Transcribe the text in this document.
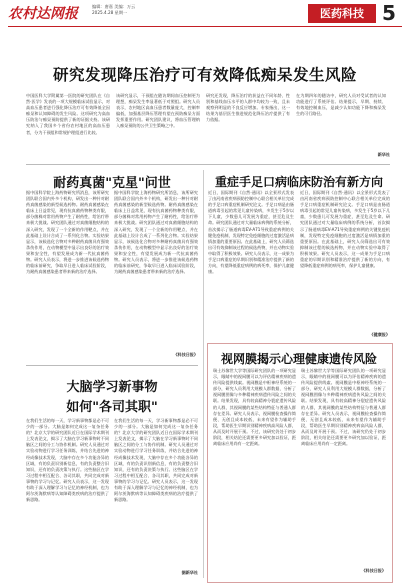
农村达网报	编辑：唐嘉 美编：万云
2025.4.28 星期一	医药科技 5
研究发现降压治疗可有效降低痴呆发生风险
中国医科大学附属第一医院的研究团队在《自然·医学》发表的一项大规模临床试验显示，对高血压患者进行强化降压治疗可有效降低全因痴呆和认知障碍的发生风险。这项研究为高血压防治与痴呆预防提供了新的证据支持。该研究纳入了我国多个省份农村地区的高血压患者，分为干预组和常规护理组进行比较。
该研究显示，干预组在随访期间血压控制更为理想，痴呆发生率显著低于对照组。研究人员表示，农村地区高血压患者数量庞大，控制率偏低，加强基层降压管理有望在预防痴呆方面发挥重要作用。研究团队建议，将血压管理纳入痴呆预防的公共卫生策略之中。
研究还发现，降压治疗的获益在不同年龄、性别和基线血压水平的人群中均较为一致，且未观察到明显的不良反应增加。专家指出，这一结果为基层医生推进规范化降压治疗提供了有力依据。
在为期四年的随访中，研究人员对受试者的认知功能进行了系统评估。结果提示，早期、持续、有效地控制血压，是减少认知功能下降和痴呆发生的可行路径。
新华社
耐药真菌"克星"问世
据中国科学院上海药物研究所消息，该所研究团队联合国内外多个机构，研发出一种针对耐药真菌感染的新型候选药物。耐药真菌感染在临床上日益常见，现有抗真菌药物种类有限，部分菌株对常用药物产生了耐药性，给治疗带来极大挑战。研究团队通过对真菌细胞结构的深入研究，发现了一个全新的作用靶点，并在此基础上设计合成了一系列化合物。实验结果显示，该候选化合物对多种耐药真菌具有强效杀伤作用，在动物模型中显示出良好的治疗效果和安全性，有望发展成为新一代抗真菌药物。研究人员表示，将进一步推进该候选药物的临床前研究，争取早日进入临床试验阶段，为耐药真菌感染患者带来新的治疗选择。
据中国科学院上海药物研究所消息，该所研究团队联合国内外多个机构，研发出一种针对耐药真菌感染的新型候选药物。耐药真菌感染在临床上日益常见，现有抗真菌药物种类有限，部分菌株对常用药物产生了耐药性，给治疗带来极大挑战。研究团队通过对真菌细胞结构的深入研究，发现了一个全新的作用靶点，并在此基础上设计合成了一系列化合物。实验结果显示，该候选化合物对多种耐药真菌具有强效杀伤作用，在动物模型中显示出良好的治疗效果和安全性，有望发展成为新一代抗真菌药物。研究人员表示，将进一步推进该候选药物的临床前研究，争取早日进入临床试验阶段，为耐药真菌感染患者带来新的治疗选择。
《科技日报》
大脑学习新事物
如何"各司其职"
在我们生活的每一天，学习新事物都是必不可少的一部分。大脑是如何完成这一复杂任务的？北京大学的研究团队近日在国际学术期刊上发表论文，揭示了大脑在学习新事物时不同脑区之间的分工与协作机制。研究人员通过对实验动物进行学习任务训练，并结合先进的神经成像技术发现，大脑中存在多个功能各异的区域，有的负责识别新信息，有的负责整合旧知识，还有的负责决策与执行。这些脑区在学习过程中相互配合、各司其职，共同完成对新事物的学习与记忆。研究人员表示，这一发现有助于深入理解学习与记忆的神经机制，也为阿尔茨海默病等认知障碍类疾病的治疗提供了新思路。
在我们生活的每一天，学习新事物都是必不可少的一部分。大脑是如何完成这一复杂任务的？北京大学的研究团队近日在国际学术期刊上发表论文，揭示了大脑在学习新事物时不同脑区之间的分工与协作机制。研究人员通过对实验动物进行学习任务训练，并结合先进的神经成像技术发现，大脑中存在多个功能各异的区域，有的负责识别新信息，有的负责整合旧知识，还有的负责决策与执行。这些脑区在学习过程中相互配合、各司其职，共同完成对新事物的学习与记忆。研究人员表示，这一发现有助于深入理解学习与记忆的神经机制，也为阿尔茨海默病等认知障碍类疾病的治疗提供了新思路。
据新华社
重症手足口病临床防治有新方向
近日，国际期刊《自然·通讯》以全景形式发表了由河南省疾病预防控制中心联合相关单位完成的手足口病重症机制研究论文。手足口病是由肠道病毒引起的常见儿童传染病，多发生于5岁以下儿童，少数患儿可发展为重症，甚至危及生命。研究团队通过对大量临床病例的系统分析，首次揭示了肠道病毒EV-A71导致重症病例的关键免疫机制，发现特定免疫细胞的过度激活是病情加重的重要原因。在此基础上，研究人员筛选出可有效抑制该过程的候选药物，并在动物实验中取得了积极效果。研究人员表示，这一成果为手足口病重症的早期识别和精准治疗提供了新的方向，有望降低重症病例的病死率，保护儿童健康。
近日，国际期刊《自然·通讯》以全景形式发表了由河南省疾病预防控制中心联合相关单位完成的手足口病重症机制研究论文。手足口病是由肠道病毒引起的常见儿童传染病，多发生于5岁以下儿童，少数患儿可发展为重症，甚至危及生命。研究团队通过对大量临床病例的系统分析，首次揭示了肠道病毒EV-A71导致重症病例的关键免疫机制，发现特定免疫细胞的过度激活是病情加重的重要原因。在此基础上，研究人员筛选出可有效抑制该过程的候选药物，并在动物实验中取得了积极效果。研究人员表示，这一成果为手足口病重症的早期识别和精准治疗提供了新的方向，有望降低重症病例的病死率，保护儿童健康。
《健康报》
视网膜揭示心理健康遗传风险
瑞士苏黎世大学等国际研究团队的一项研究显示，眼睛中的视网膜可以为评估精神疾病的遗传风险提供线索。视网膜是中枢神经系统的一部分，研究人员利用大规模人群数据，分析了视网膜图像与多种精神疾病遗传风险之间的关联。结果发现，具有较高精神分裂症遗传风险的人群，其视网膜的某些结构特征与普通人群存在差异。研究人员表示，视网膜检查操作简便、无创且成本较低，未来有望作为辅助手段，帮助医生早期识别精神疾病高风险人群，从而及时开展干预。不过，该研究仍处于初步阶段，相关结论还需要更多研究加以验证，距离临床应用尚有一定距离。
瑞士苏黎世大学等国际研究团队的一项研究显示，眼睛中的视网膜可以为评估精神疾病的遗传风险提供线索。视网膜是中枢神经系统的一部分，研究人员利用大规模人群数据，分析了视网膜图像与多种精神疾病遗传风险之间的关联。结果发现，具有较高精神分裂症遗传风险的人群，其视网膜的某些结构特征与普通人群存在差异。研究人员表示，视网膜检查操作简便、无创且成本较低，未来有望作为辅助手段，帮助医生早期识别精神疾病高风险人群，从而及时开展干预。不过，该研究仍处于初步阶段，相关结论还需要更多研究加以验证，距离临床应用尚有一定距离。
《科技日报》
